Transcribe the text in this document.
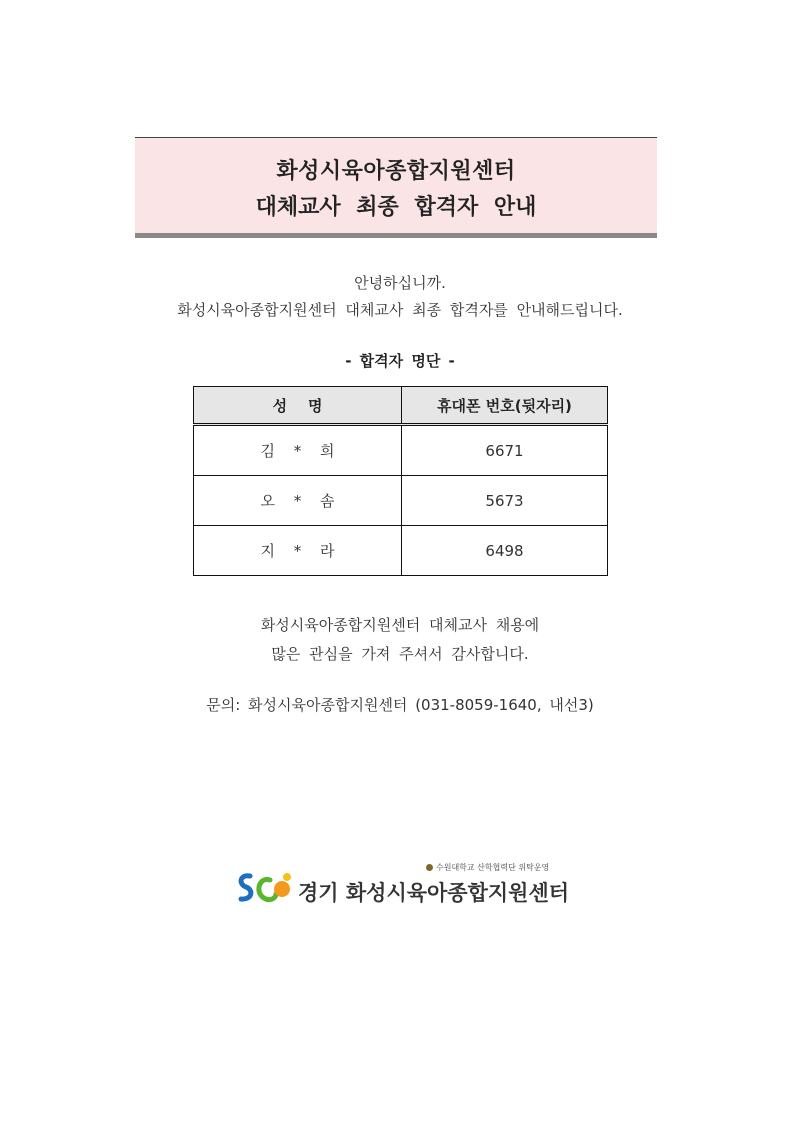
화성시육아종합지원센터
대체교사 최종 합격자 안내
안녕하십니까.
화성시육아종합지원센터 대체교사 최종 합격자를 안내해드립니다.
- 합격자 명단 -
성    명	휴대폰 번호(뒷자리)
김 * 희	6671
오 * 솜	5673
지 * 라	6498
화성시육아종합지원센터 대체교사 채용에
많은 관심을 가져 주셔서 감사합니다.
문의: 화성시육아종합지원센터 (031-8059-1640, 내선3)
수원대학교 산학협력단 위탁운영
경기 화성시육아종합지원센터
